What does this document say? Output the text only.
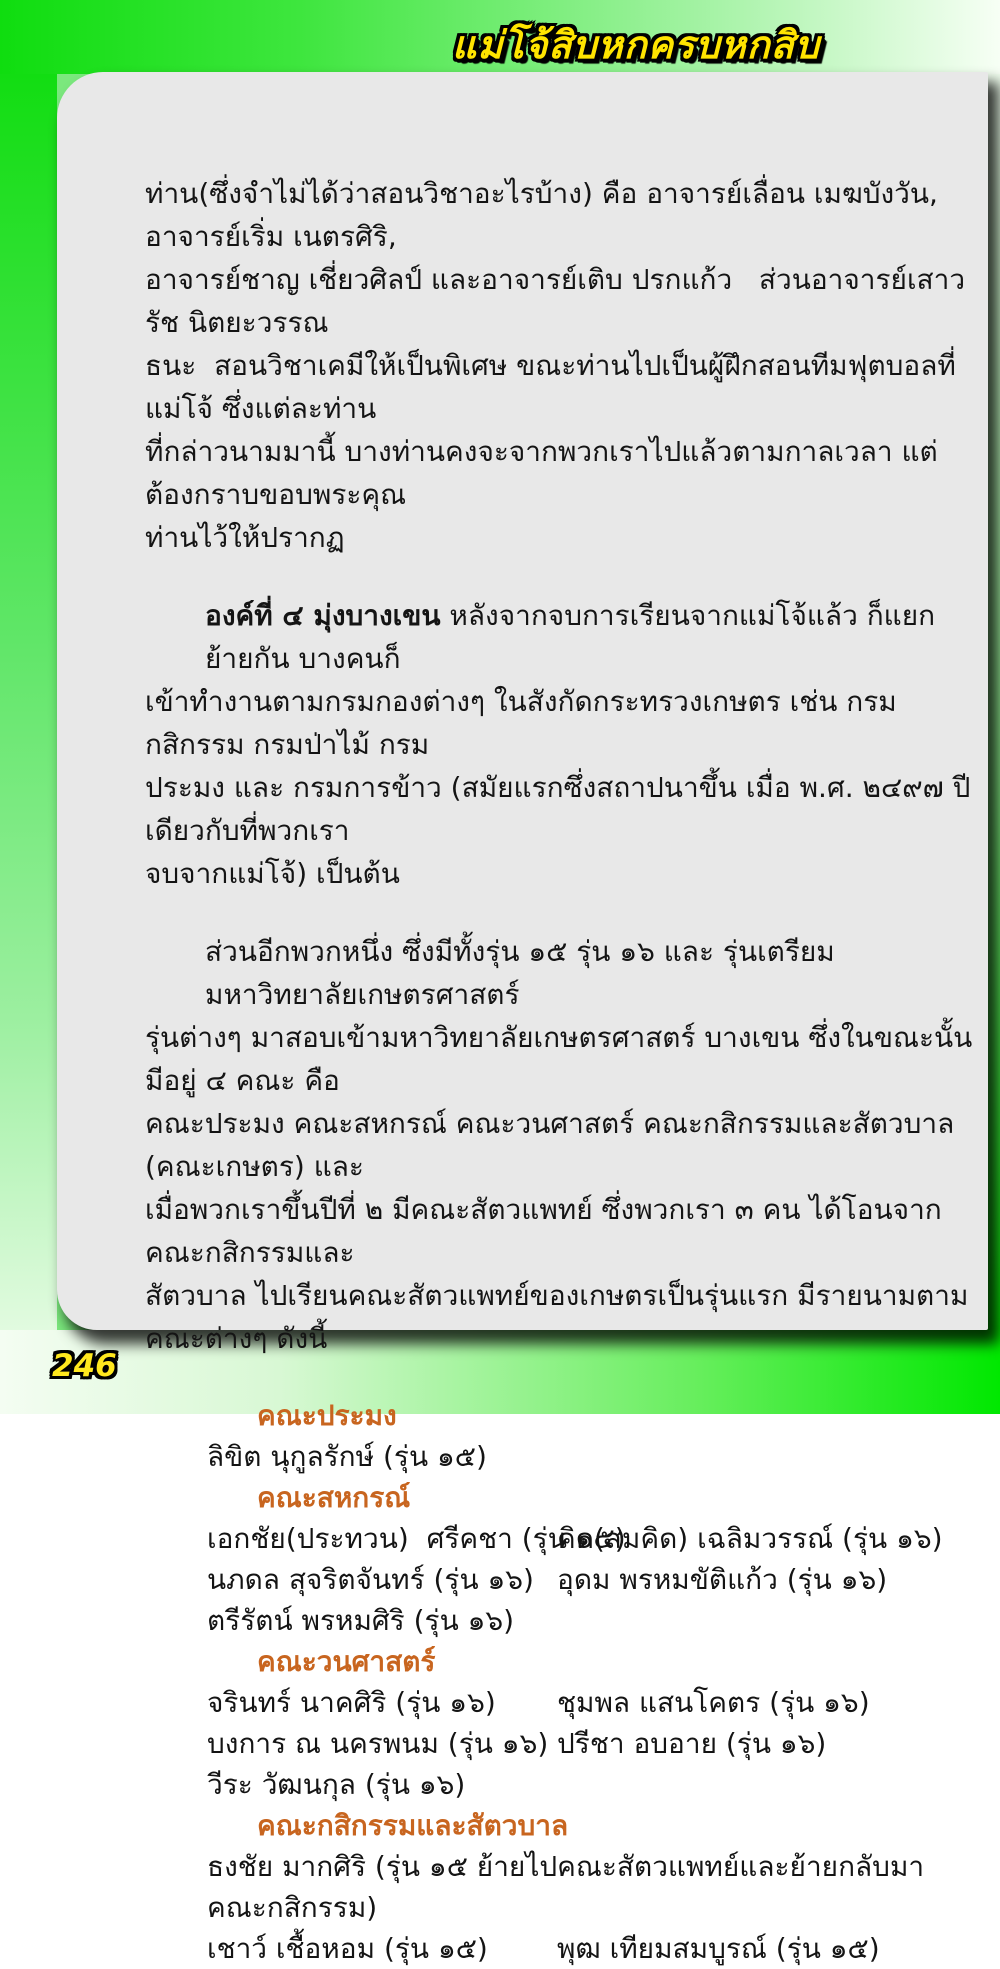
แม่โจ้สิบหกครบหกสิบ
ท่าน(ซึ่งจำไม่ได้ว่าสอนวิชาอะไรบ้าง) คือ อาจารย์เลื่อน เมฆบังวัน, อาจารย์เริ่ม เนตรศิริ,
อาจารย์ชาญ เชี่ยวศิลป์ และอาจารย์เติบ ปรกแก้ว   ส่วนอาจารย์เสาวรัช นิตยะวรรณ
ธนะ  สอนวิชาเคมีให้เป็นพิเศษ ขณะท่านไปเป็นผู้ฝึกสอนทีมฟุตบอลที่แม่โจ้ ซึ่งแต่ละท่าน
ที่กล่าวนามมานี้ บางท่านคงจะจากพวกเราไปแล้วตามกาลเวลา แต่ต้องกราบขอบพระคุณ
ท่านไว้ให้ปรากฏ
องค์ที่ ๔ มุ่งบางเขน หลังจากจบการเรียนจากแม่โจ้แล้ว ก็แยกย้ายกัน บางคนก็
เข้าทำงานตามกรมกองต่างๆ ในสังกัดกระทรวงเกษตร เช่น กรมกสิกรรม กรมป่าไม้ กรม
ประมง และ กรมการข้าว (สมัยแรกซึ่งสถาปนาขึ้น เมื่อ พ.ศ. ๒๔๙๗ ปีเดียวกับที่พวกเรา
จบจากแม่โจ้) เป็นต้น
ส่วนอีกพวกหนึ่ง ซึ่งมีทั้งรุ่น ๑๕ รุ่น ๑๖ และ รุ่นเตรียมมหาวิทยาลัยเกษตรศาสตร์
รุ่นต่างๆ มาสอบเข้ามหาวิทยาลัยเกษตรศาสตร์ บางเขน ซึ่งในขณะนั้นมีอยู่ ๔ คณะ คือ
คณะประมง คณะสหกรณ์ คณะวนศาสตร์ คณะกสิกรรมและสัตวบาล (คณะเกษตร) และ
เมื่อพวกเราขึ้นปีที่ ๒ มีคณะสัตวแพทย์ ซึ่งพวกเรา ๓ คน ได้โอนจากคณะกสิกรรมและ
สัตวบาล ไปเรียนคณะสัตวแพทย์ของเกษตรเป็นรุ่นแรก มีรายนามตามคณะต่างๆ ดังนี้
คณะประมง
ลิขิต นุกูลรักษ์ (รุ่น ๑๕)
คณะสหกรณ์
เอกชัย(ประทวน)  ศรีคชา (รุ่น ๑๕)
คิด(สมคิด) เฉลิมวรรณ์ (รุ่น ๑๖)
นภดล สุจริตจันทร์ (รุ่น ๑๖) อุดม พรหมขัติแก้ว (รุ่น ๑๖)
ตรีรัตน์ พรหมศิริ (รุ่น ๑๖)
คณะวนศาสตร์
จรินทร์ นาคศิริ (รุ่น ๑๖) ชุมพล แสนโคตร (รุ่น ๑๖)
บงการ ณ นครพนม (รุ่น ๑๖) ปรีชา อบอาย (รุ่น ๑๖)
วีระ วัฒนกุล (รุ่น ๑๖)
คณะกสิกรรมและสัตวบาล
ธงชัย มากศิริ (รุ่น ๑๕ ย้ายไปคณะสัตวแพทย์และย้ายกลับมาคณะกสิกรรม)
เชาว์ เชื้อหอม (รุ่น ๑๕) พุฒ เทียมสมบูรณ์ (รุ่น ๑๕)
246
